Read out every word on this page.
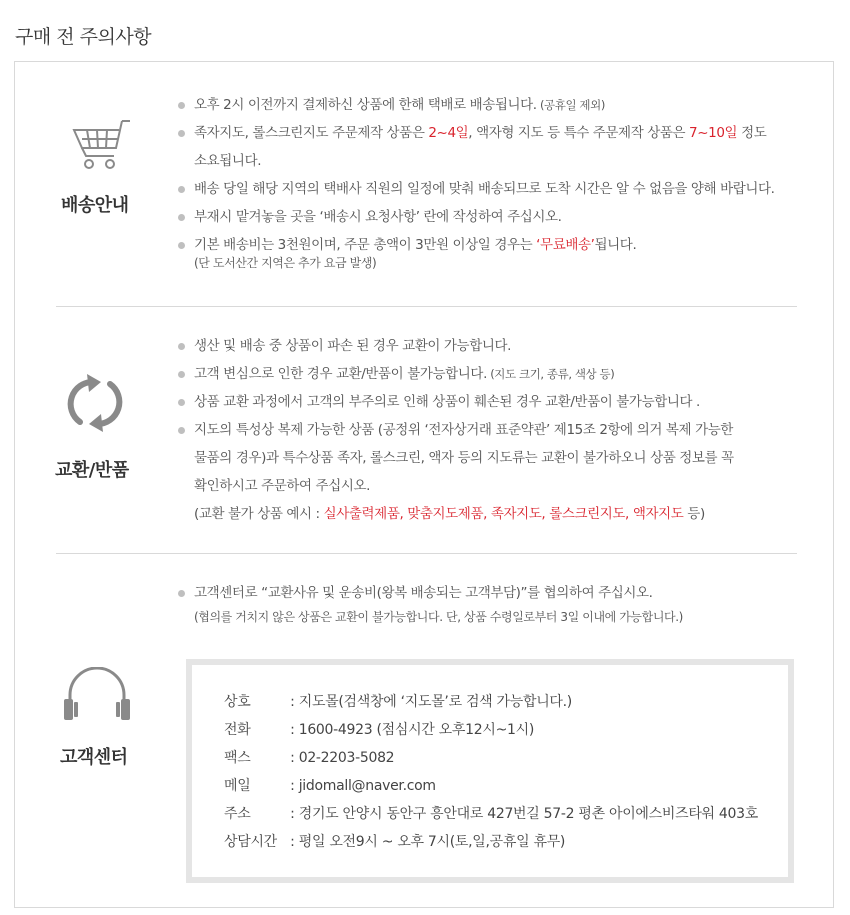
구매 전 주의사항
배송안내
오후 2시 이전까지 결제하신 상품에 한해 택배로 배송됩니다. (공휴일 제외)
족자지도, 롤스크린지도 주문제작 상품은 2~4일, 액자형 지도 등 특수 주문제작 상품은 7~10일 정도
소요됩니다.
배송 당일 해당 지역의 택배사 직원의 일정에 맞춰 배송되므로 도착 시간은 알 수 없음을 양해 바랍니다.
부재시 맡겨놓을 곳을 ‘배송시 요청사항’ 란에 작성하여 주십시오.
기본 배송비는 3천원이며, 주문 총액이 3만원 이상일 경우는 ‘무료배송’됩니다.
(단 도서산간 지역은 추가 요금 발생)
교환/반품
생산 및 배송 중 상품이 파손 된 경우 교환이 가능합니다.
고객 변심으로 인한 경우 교환/반품이 불가능합니다. (지도 크기, 종류, 색상 등)
상품 교환 과정에서 고객의 부주의로 인해 상품이 훼손된 경우 교환/반품이 불가능합니다 .
지도의 특성상 복제 가능한 상품 (공정위 ‘전자상거래 표준약관’ 제15조 2항에 의거 복제 가능한
물품의 경우)과 특수상품 족자, 롤스크린, 액자 등의 지도류는 교환이 불가하오니 상품 정보를 꼭
확인하시고 주문하여 주십시오.
(교환 불가 상품 예시 : 실사출력제품, 맞춤지도제품, 족자지도, 롤스크린지도, 액자지도 등)
고객센터
고객센터로 “교환사유 및 운송비(왕복 배송되는 고객부담)”를 협의하여 주십시오.
(협의를 거치지 않은 상품은 교환이 불가능합니다. 단, 상품 수령일로부터 3일 이내에 가능합니다.)
상호	: 지도몰(검색창에 ‘지도몰’로 검색 가능합니다.)
전화	: 1600-4923 (점심시간 오후12시~1시)
팩스	: 02-2203-5082
메일	: jidomall@naver.com
주소	: 경기도 안양시 동안구 흥안대로 427번길 57-2 평촌 아이에스비즈타워 403호
상담시간 : 평일 오전9시 ~ 오후 7시(토,일,공휴일 휴무)
